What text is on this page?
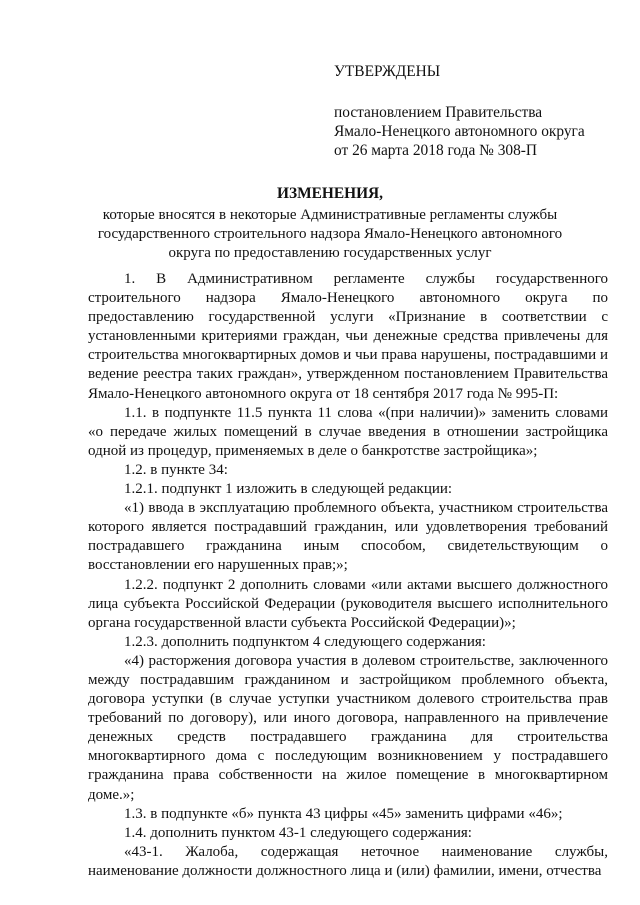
УТВЕРЖДЕНЫ
постановлением Правительства
Ямало-Ненецкого автономного округа
от 26 марта 2018 года № 308-П
ИЗМЕНЕНИЯ,
которые вносятся в некоторые Административные регламенты службы государственного строительного надзора Ямало-Ненецкого автономного округа по предоставлению государственных услуг

1. В Административном регламенте службы государственного строительного надзора Ямало-Ненецкого автономного округа по предоставлению государственной услуги «Признание в соответствии с установленными критериями граждан, чьи денежные средства привлечены для строительства многоквартирных домов и чьи права нарушены, пострадавшими и ведение реестра таких граждан», утвержденном постановлением Правительства Ямало-Ненецкого автономного округа от 18 сентября 2017 года № 995-П:

1.1. в подпункте 11.5 пункта 11 слова «(при наличии)» заменить словами «о передаче жилых помещений в случае введения в отношении застройщика одной из процедур, применяемых в деле о банкротстве застройщика»;

1.2. в пункте 34:

1.2.1. подпункт 1 изложить в следующей редакции:

«1) ввода в эксплуатацию проблемного объекта, участником строительства которого является пострадавший гражданин, или удовлетворения требований пострадавшего гражданина иным способом, свидетельствующим о восстановлении его нарушенных прав;»;

1.2.2. подпункт 2 дополнить словами «или актами высшего должностного лица субъекта Российской Федерации (руководителя высшего исполнительного органа государственной власти субъекта Российской Федерации)»;

1.2.3. дополнить подпунктом 4 следующего содержания:

«4) расторжения договора участия в долевом строительстве, заключенного между пострадавшим гражданином и застройщиком проблемного объекта, договора уступки (в случае уступки участником долевого строительства прав требований по договору), или иного договора, направленного на привлечение денежных средств пострадавшего гражданина для строительства многоквартирного дома с последующим возникновением у пострадавшего гражданина права собственности на жилое помещение в многоквартирном доме.»;

1.3. в подпункте «б» пункта 43 цифры «45» заменить цифрами «46»;

1.4. дополнить пунктом 43-1 следующего содержания:

«43-1. Жалоба, содержащая неточное наименование службы, наименование должности должностного лица и (или) фамилии, имени, отчества
